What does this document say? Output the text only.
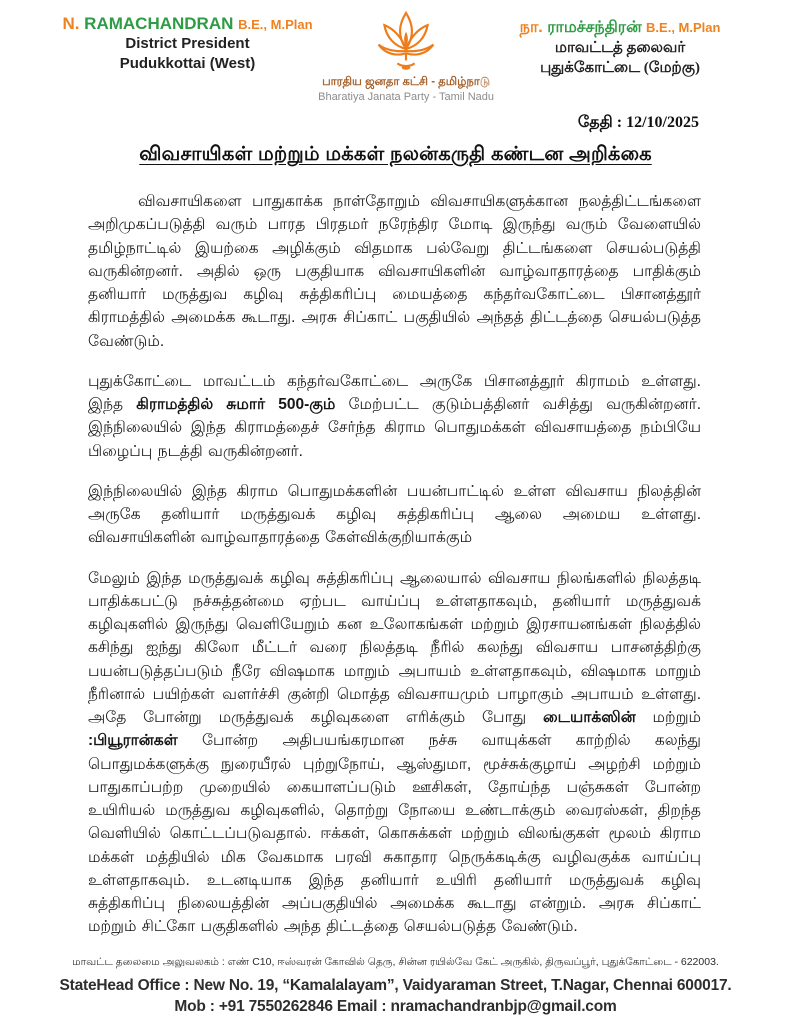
N. RAMACHANDRAN B.E., M.Plan
District President
Pudukkottai (West)
பாரதிய ஜனதா கட்சி - தமிழ்நாடு
Bharatiya Janata Party - Tamil Nadu
நா. ராமச்சந்திரன் B.E., M.Plan
மாவட்டத் தலைவர்
புதுக்கோட்டை (மேற்கு)
தேதி : 12/10/2025
விவசாயிகள் மற்றும் மக்கள் நலன்கருதி கண்டன அறிக்கை

விவசாயிகளை பாதுகாக்க நாள்தோறும் விவசாயிகளுக்கான நலத்திட்டங்களை அறிமுகப்படுத்தி வரும் பாரத பிரதமர் நரேந்திர மோடி இருந்து வரும் வேளையில் தமிழ்நாட்டில் இயற்கை அழிக்கும் விதமாக பல்வேறு திட்டங்களை செயல்படுத்தி வருகின்றனர். அதில் ஒரு பகுதியாக விவசாயிகளின் வாழ்வாதாரத்தை பாதிக்கும் தனியார் மருத்துவ கழிவு சுத்திகரிப்பு மையத்தை கந்தர்வகோட்டை பிசானத்தூர் கிராமத்தில் அமைக்க கூடாது. அரசு சிப்காட் பகுதியில் அந்தத் திட்டத்தை செயல்படுத்த வேண்டும்.

புதுக்கோட்டை மாவட்டம் கந்தர்வகோட்டை அருகே பிசானத்தூர் கிராமம் உள்ளது. இந்த கிராமத்தில் சுமார் 500-கும் மேற்பட்ட குடும்பத்தினர் வசித்து வருகின்றனர். இந்நிலையில் இந்த கிராமத்தைச் சேர்ந்த கிராம பொதுமக்கள் விவசாயத்தை நம்பியே பிழைப்பு நடத்தி வருகின்றனர்.

இந்நிலையில் இந்த கிராம பொதுமக்களின் பயன்பாட்டில் உள்ள விவசாய நிலத்தின் அருகே தனியார் மருத்துவக் கழிவு சுத்திகரிப்பு ஆலை அமைய உள்ளது. விவசாயிகளின் வாழ்வாதாரத்தை கேள்விக்குறியாக்கும்

மேலும் இந்த மருத்துவக் கழிவு சுத்திகரிப்பு ஆலையால் விவசாய நிலங்களில் நிலத்தடி பாதிக்கபட்டு நச்சுத்தன்மை ஏற்பட வாய்ப்பு உள்ளதாகவும், தனியார் மருத்துவக் கழிவுகளில் இருந்து வெளியேறும் கன உலோகங்கள் மற்றும் இரசாயனங்கள் நிலத்தில் கசிந்து ஐந்து கிலோ மீட்டர் வரை நிலத்தடி நீரில் கலந்து விவசாய பாசனத்திற்கு பயன்படுத்தப்படும் நீரே விஷமாக மாறும் அபாயம் உள்ளதாகவும், விஷமாக மாறும் நீரினால் பயிற்கள் வளர்ச்சி குன்றி மொத்த விவசாயமும் பாழாகும் அபாயம் உள்ளது. அதே போன்று மருத்துவக் கழிவுகளை எரிக்கும் போது டையாக்ஸின் மற்றும் :பியூரான்கள் போன்ற அதிபயங்கரமான நச்சு வாயுக்கள் காற்றில் கலந்து பொதுமக்களுக்கு நுரையீரல் புற்றுநோய், ஆஸ்துமா, மூச்சுக்குழாய் அழற்சி மற்றும் பாதுகாப்பற்ற முறையில் கையாளப்படும் ஊசிகள், தோய்ந்த பஞ்சுகள் போன்ற உயிரியல் மருத்துவ கழிவுகளில், தொற்று நோயை உண்டாக்கும் வைரஸ்கள், திறந்த வெளியில் கொட்டப்படுவதால். ஈக்கள், கொசுக்கள் மற்றும் விலங்குகள் மூலம் கிராம மக்கள் மத்தியில் மிக வேகமாக பரவி சுகாதார நெருக்கடிக்கு வழிவகுக்க வாய்ப்பு உள்ளதாகவும். உடனடியாக இந்த தனியார் உயிரி தனியார் மருத்துவக் கழிவு சுத்திகரிப்பு நிலையத்தின் அப்பகுதியில் அமைக்க கூடாது என்றும். அரசு சிப்காட் மற்றும் சிட்கோ பகுதிகளில் அந்த திட்டத்தை செயல்படுத்த வேண்டும்.

மாவட்ட தலைமை அலுவலகம் : எண் C10, ஈஸ்வரன் கோவில் தெரு, சின்ன ரயில்வே கேட் அருகில், திருவப்பூர், புதுக்கோட்டை - 622003.
StateHead Office : New No. 19, “Kamalalayam”, Vaidyaraman Street, T.Nagar, Chennai 600017.
Mob : +91 7550262846 Email : nramachandranbjp@gmail.com
